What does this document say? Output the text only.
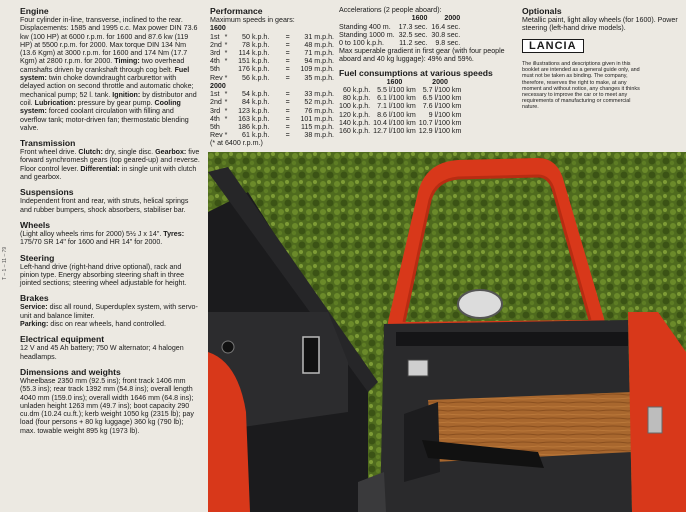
T – 1 – 11 – 79
Engine

Four cylinder in-line, transverse, inclined to the rear. Displacements: 1585 and 1995 c.c. Max power DIN 73.6 kw (100 HP) at 6000 r.p.m. for 1600 and 87.6 kw (119 HP) at 5500 r.p.m. for 2000. Max torque DIN 134 Nm (13.6 Kgm) at 3000 r.p.m. for 1600 and 174 Nm (17.7 Kgm) at 2800 r.p.m. for 2000. Timing: two overhead camshafts driven by crankshaft through cog belt. Fuel system: twin choke downdraught carburettor with delayed action on second throttle and automatic choke; mechanical pump; 52 l. tank. Ignition: by distributor and coil. Lubrication: pressure by gear pump. Cooling system: forced coolant circulation with filling and overflow tank; motor-driven fan; thermostatic blending valve.

Transmission

Front wheel drive. Clutch: dry, single disc. Gearbox: five forward synchromesh gears (top geared-up) and reverse. Floor control lever. Differential: in single unit with clutch and gearbox.

Suspensions

Independent front and rear, with struts, helical springs and rubber bumpers, shock absorbers, stabiliser bar.

Wheels

(Light alloy wheels rims for 2000) 5½ J x 14". Tyres: 175/70 SR 14" for 1600 and HR 14" for 2000.

Steering

Left-hand drive (right-hand drive optional), rack and pinion type. Energy absorbing steering shaft in three jointed sections; steering wheel adjustable for height.

Brakes

Service: disc all round, Superduplex system, with servo-unit and balance limiter.
Parking: disc on rear wheels, hand controlled.

Electrical equipment

12 V and 45 Ah battery; 750 W alternator; 4 halogen headlamps.

Dimensions and weights

Wheelbase 2350 mm (92.5 ins); front track 1406 mm (55.3 ins); rear track 1392 mm (54.8 ins); overall length 4040 mm (159.0 ins); overall width 1646 mm (64.8 ins); unladen height 1263 mm (49.7 ins); boot capacity 290 cu.dm (10.24 cu.ft.); kerb weight 1050 kg (2315 lb); pay load (four persons + 80 kg luggage) 360 kg (790 lb); max. towable weight 895 kg (1973 lb).

Performance

Maximum speeds in gears:

1600
1st	*	50	k.p.h.	=	31	m.p.h.
2nd	*	78	k.p.h.	=	48	m.p.h.
3rd	*	114	k.p.h.	=	71	m.p.h.
4th	*	151	k.p.h.	=	94	m.p.h.
5th		176	k.p.h.	=	109	m.p.h.
Rev	*	56	k.p.h.	=	35	m.p.h.
2000
1st	*	54	k.p.h.	=	33	m.p.h.
2nd	*	84	k.p.h.	=	52	m.p.h.
3rd	*	123	k.p.h.	=	76	m.p.h.
4th	*	163	k.p.h.	=	101	m.p.h.
5th		186	k.p.h.	=	115	m.p.h.
Rev	*	61	k.p.h.	=	38	m.p.h.

(* at 6400 r.p.m.)

Accelerations (2 people aboard):

	1600	2000
Standing 400 m.	17.3 sec.	16.4 sec.
Standing 1000 m.	32.5 sec.	30.8 sec.
0 to 100 k.p.h.	11.2 sec.	9.8 sec.

Max superable gradient in first gear (with four people aboard and 40 kg luggage): 49% and 59%.

Fuel consumptions at various speeds
	1600	2000
60 k.p.h.	5.5 l/100 km	5.7 l/100 km
80 k.p.h.	6.1 l/100 km	6.5 l/100 km
100 k.p.h.	7.1 l/100 km	7.6 l/100 km
120 k.p.h.	8.6 l/100 km	9 l/100 km
140 k.p.h.	10.4 l/100 km	10.7 l/100 km
160 k.p.h.	12.7 l/100 km	12.9 l/100 km
Optionals

Metallic paint, light alloy wheels (for 1600). Power steering (left-hand drive models).

LANCIA

The illustrations and descriptions given in this booklet are intended as a general guide only, and must not be taken as binding. The company, therefore, reserves the right to make, at any moment and without notice, any changes it thinks necessary to improve the car or to meet any requirements of manufacturing or commercial nature.
